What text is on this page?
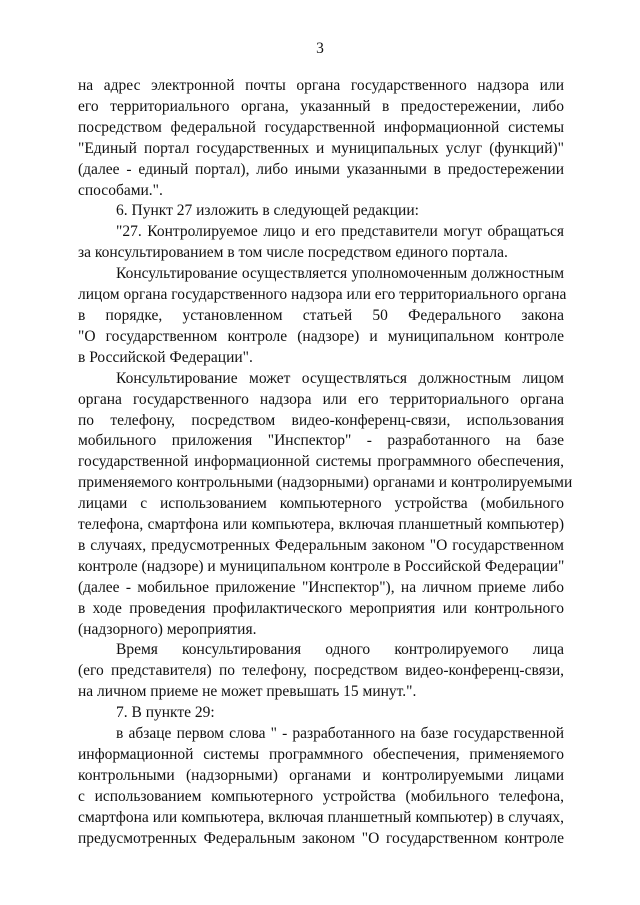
3

на адрес электронной почты органа государственного надзора или
его территориального органа, указанный в предостережении, либо
посредством федеральной государственной информационной системы
"Единый портал государственных и муниципальных услуг (функций)"
(далее - единый портал), либо иными указанными в предостережении
способами.".

6. Пункт 27 изложить в следующей редакции:

"27. Контролируемое лицо и его представители могут обращаться
за консультированием в том числе посредством единого портала.

Консультирование осуществляется уполномоченным должностным
лицом органа государственного надзора или его территориального органа
в порядке, установленном статьей 50 Федерального закона
"О государственном контроле (надзоре) и муниципальном контроле
в Российской Федерации".

Консультирование может осуществляться должностным лицом
органа государственного надзора или его территориального органа
по телефону, посредством видео-конференц-связи, использования
мобильного приложения "Инспектор" - разработанного на базе
государственной информационной системы программного обеспечения,
применяемого контрольными (надзорными) органами и контролируемыми
лицами с использованием компьютерного устройства (мобильного
телефона, смартфона или компьютера, включая планшетный компьютер)
в случаях, предусмотренных Федеральным законом "О государственном
контроле (надзоре) и муниципальном контроле в Российской Федерации"
(далее - мобильное приложение "Инспектор"), на личном приеме либо
в ходе проведения профилактического мероприятия или контрольного
(надзорного) мероприятия.

Время консультирования одного контролируемого лица
(его представителя) по телефону, посредством видео-конференц-связи,
на личном приеме не может превышать 15 минут.".

7. В пункте 29:

в абзаце первом слова " - разработанного на базе государственной
информационной системы программного обеспечения, применяемого
контрольными (надзорными) органами и контролируемыми лицами
с использованием компьютерного устройства (мобильного телефона,
смартфона или компьютера, включая планшетный компьютер) в случаях,
предусмотренных Федеральным законом "О государственном контроле
